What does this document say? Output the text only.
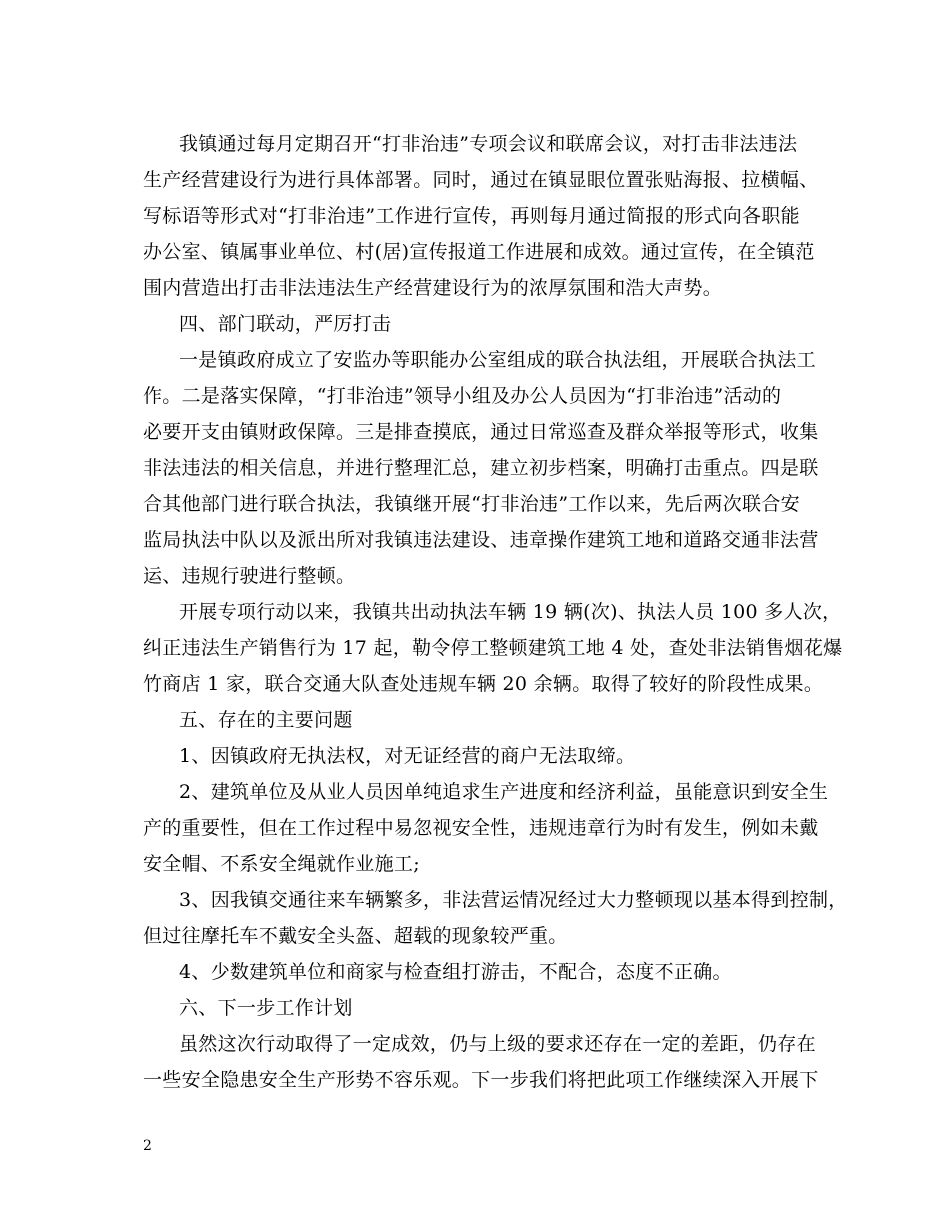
我镇通过每月定期召开“打非治违”专项会议和联席会议，对打击非法违法
生产经营建设行为进行具体部署。同时，通过在镇显眼位置张贴海报、拉横幅、
写标语等形式对“打非治违”工作进行宣传，再则每月通过简报的形式向各职能
办公室、镇属事业单位、村(居)宣传报道工作进展和成效。通过宣传，在全镇范
围内营造出打击非法违法生产经营建设行为的浓厚氛围和浩大声势。
四、部门联动，严厉打击
一是镇政府成立了安监办等职能办公室组成的联合执法组，开展联合执法工
作。二是落实保障，“打非治违”领导小组及办公人员因为“打非治违”活动的
必要开支由镇财政保障。三是排查摸底，通过日常巡查及群众举报等形式，收集
非法违法的相关信息，并进行整理汇总，建立初步档案，明确打击重点。四是联
合其他部门进行联合执法，我镇继开展“打非治违”工作以来，先后两次联合安
监局执法中队以及派出所对我镇违法建设、违章操作建筑工地和道路交通非法营
运、违规行驶进行整顿。
开展专项行动以来，我镇共出动执法车辆 19 辆(次)、执法人员 100 多人次，
纠正违法生产销售行为 17 起，勒令停工整顿建筑工地 4 处，查处非法销售烟花爆
竹商店 1 家，联合交通大队查处违规车辆 20 余辆。取得了较好的阶段性成果。
五、存在的主要问题
1、因镇政府无执法权，对无证经营的商户无法取缔。
2、建筑单位及从业人员因单纯追求生产进度和经济利益，虽能意识到安全生
产的重要性，但在工作过程中易忽视安全性，违规违章行为时有发生，例如未戴
安全帽、不系安全绳就作业施工;
3、因我镇交通往来车辆繁多，非法营运情况经过大力整顿现以基本得到控制，
但过往摩托车不戴安全头盔、超载的现象较严重。
4、少数建筑单位和商家与检查组打游击，不配合，态度不正确。
六、下一步工作计划
虽然这次行动取得了一定成效，仍与上级的要求还存在一定的差距，仍存在
一些安全隐患安全生产形势不容乐观。下一步我们将把此项工作继续深入开展下
2
